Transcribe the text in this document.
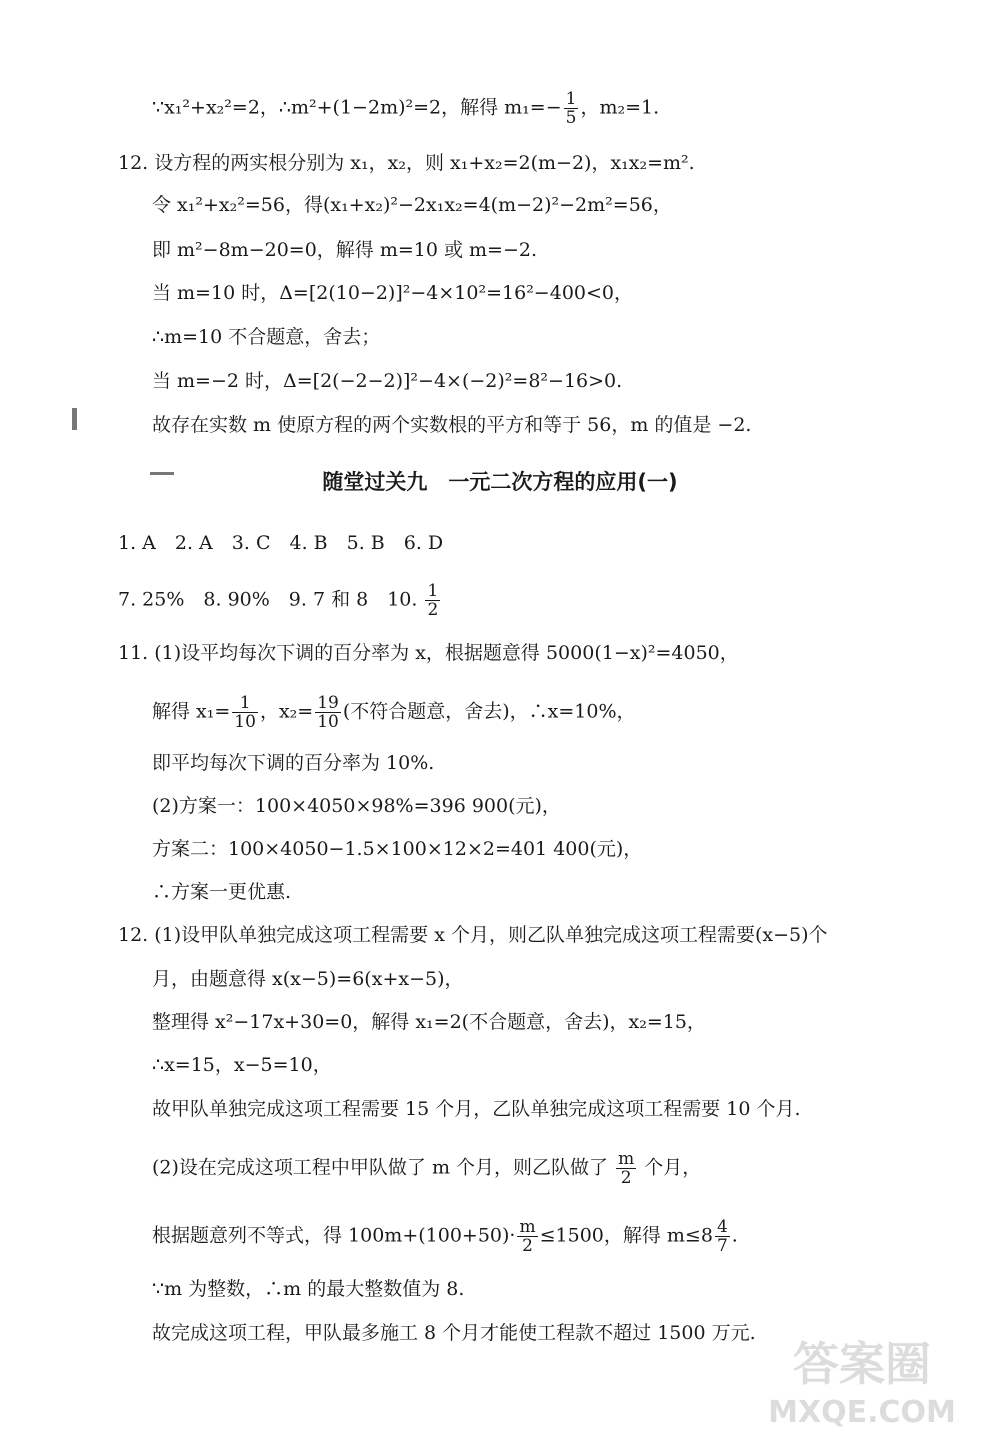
∵x₁²+x₂²=2，∴m²+(1−2m)²=2，解得 $m_1=- \frac{1}{5}$ ，m₂=1.
12. 设方程的两实根分别为 x₁，x₂，则 x₁+x₂=2(m−2)，x₁x₂=m².
令 x₁²+x₂²=56，得(x₁+x₂)²−2x₁x₂=4(m−2)²−2m²=56，
即 m²−8m−20=0，解得 m=10 或 m=−2.
当 m=10 时，Δ=[2(10−2)]²−4×10²=16²−400<0，
∴m=10 不合题意，舍去；
当 m=−2 时，Δ=[2(−2−2)]²−4×(−2)²=8²−16>0.
故存在实数 m 使原方程的两个实数根的平方和等于 56，m 的值是 −2.
随堂过关九　一元二次方程的应用(一)
1. A　2. A　3. C　4. B　5. B　6. D
7. 25%　8. 90%　9. 7 和 8　10. $\frac{1}{2}$
11. (1)设平均每次下调的百分率为 x，根据题意得 5000(1−x)²=4050，
解得 $x_1= \frac{1}{10}$ ，$x_2= \frac{19}{10}$ (不符合题意，舍去)，∴x=10%，
即平均每次下调的百分率为 10%.
(2)方案一：100×4050×98%=396 900(元)，
方案二：100×4050−1.5×100×12×2=401 400(元)，
∴方案一更优惠.
12. (1)设甲队单独完成这项工程需要 x 个月，则乙队单独完成这项工程需要(x−5)个
月，由题意得 x(x−5)=6(x+x−5)，
整理得 x²−17x+30=0，解得 x₁=2(不合题意，舍去)，x₂=15，
∴x=15，x−5=10，
故甲队单独完成这项工程需要 15 个月，乙队单独完成这项工程需要 10 个月.
(2)设在完成这项工程中甲队做了 m 个月，则乙队做了 $\frac{m}{2}$ 个月，
根据题意列不等式，得 $100m+(100+50)\cdot \frac{m}{2} \le 1500$，解得 $m\le 8 \frac{4}{7}$ .
∵m 为整数，∴m 的最大整数值为 8.
故完成这项工程，甲队最多施工 8 个月才能使工程款不超过 1500 万元.
答案圈
MXQE.COM
